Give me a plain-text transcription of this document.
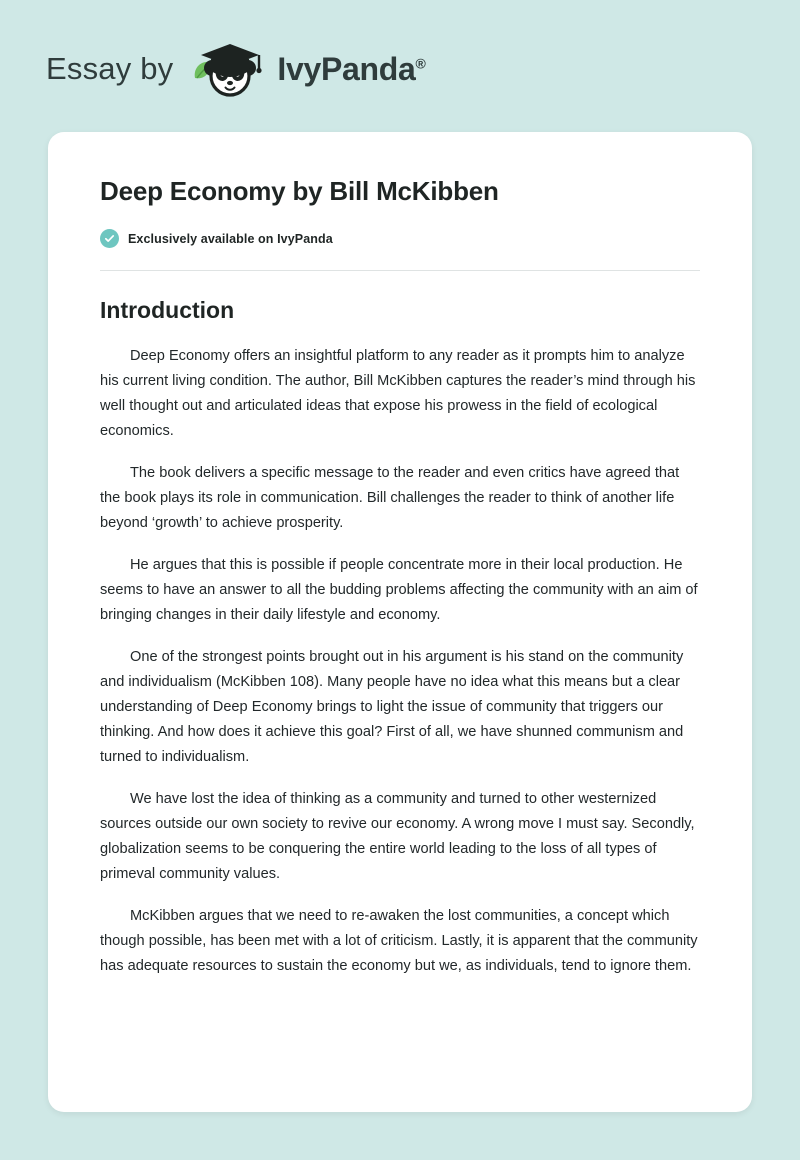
Essay by	IvyPanda®
Deep Economy by Bill McKibben
Exclusively available on IvyPanda
Introduction

Deep Economy offers an insightful platform to any reader as it prompts him to analyze his current living condition. The author, Bill McKibben captures the reader’s mind through his well thought out and articulated ideas that expose his prowess in the field of ecological economics.

The book delivers a specific message to the reader and even critics have agreed that the book plays its role in communication. Bill challenges the reader to think of another life beyond ‘growth’ to achieve prosperity.

He argues that this is possible if people concentrate more in their local production. He seems to have an answer to all the budding problems affecting the community with an aim of bringing changes in their daily lifestyle and economy.

One of the strongest points brought out in his argument is his stand on the community and individualism (McKibben 108). Many people have no idea what this means but a clear understanding of Deep Economy brings to light the issue of community that triggers our thinking. And how does it achieve this goal? First of all, we have shunned communism and turned to individualism.

We have lost the idea of thinking as a community and turned to other westernized sources outside our own society to revive our economy. A wrong move I must say. Secondly, globalization seems to be conquering the entire world leading to the loss of all types of primeval community values.

McKibben argues that we need to re-awaken the lost communities, a concept which though possible, has been met with a lot of criticism. Lastly, it is apparent that the community has adequate resources to sustain the economy but we, as individuals, tend to ignore them.
